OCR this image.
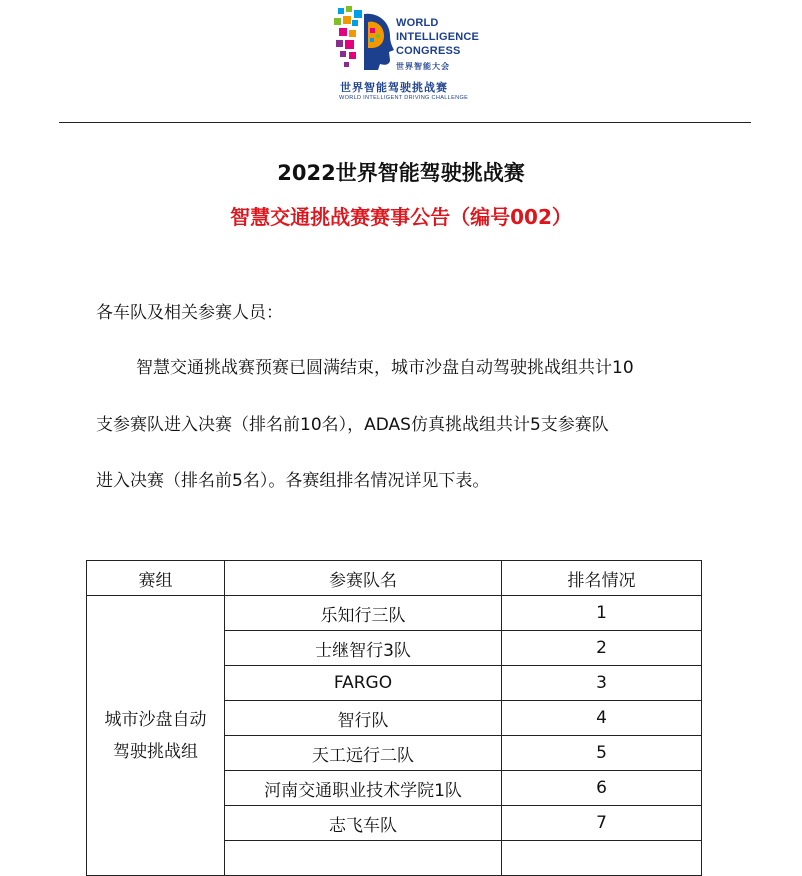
WORLD
INTELLIGENCE
CONGRESS
世界智能大会
世界智能驾驶挑战赛
WORLD INTELLIGENT DRIVING CHALLENGE
2022世界智能驾驶挑战赛
智慧交通挑战赛赛事公告（编号002）
各车队及相关参赛人员：
智慧交通挑战赛预赛已圆满结束，城市沙盘自动驾驶挑战组共计10
支参赛队进入决赛（排名前10名），ADAS仿真挑战组共计5支参赛队
进入决赛（排名前5名）。各赛组排名情况详见下表。
赛组	参赛队名	排名情况

城市沙盘自动
驾驶挑战组	乐知行三队	1
	士继智行3队	2
	FARGO	3
	智行队	4
	天工远行二队	5
	河南交通职业技术学院1队	6
	志飞车队	7
